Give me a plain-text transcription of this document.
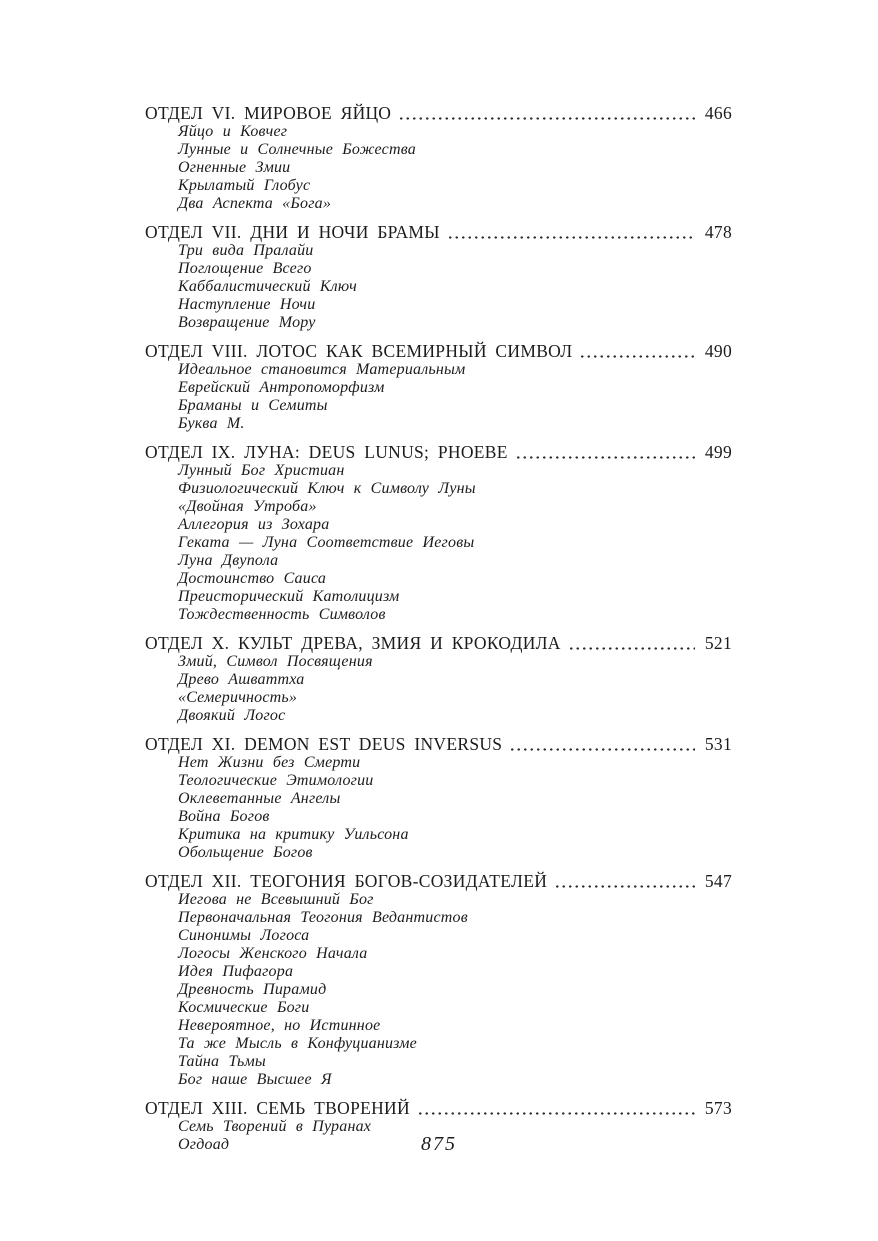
ОТДЕЛ VI. МИРОВОЕ ЯЙЦО	466
Яйцо и Ковчег
Лунные и Солнечные Божества
Огненные Змии
Крылатый Глобус
Два Аспекта «Бога»
ОТДЕЛ VII. ДНИ И НОЧИ БРАМЫ	478
Три вида Пралайи
Поглощение Всего
Каббалистический Ключ
Наступление Ночи
Возвращение Мору
ОТДЕЛ VIII. ЛОТОС КАК ВСЕМИРНЫЙ СИМВОЛ	490
Идеальное становится Материальным
Еврейский Антропоморфизм
Браманы и Семиты
Буква М.
ОТДЕЛ IX. ЛУНА: DEUS LUNUS; PHOEBE	499
Лунный Бог Христиан
Физиологический Ключ к Символу Луны
«Двойная Утроба»
Аллегория из Зохара
Геката — Луна Соответствие Иеговы
Луна Двупола
Достоинство Саиса
Преисторический Католицизм
Тождественность Символов
ОТДЕЛ X. КУЛЬТ ДРЕВА, ЗМИЯ И КРОКОДИЛА	521
Змий, Символ Посвящения
Древо Ашваттха
«Семеричность»
Двоякий Логос
ОТДЕЛ XI. DEMON EST DEUS INVERSUS	531
Нет Жизни без Смерти
Теологические Этимологии
Оклеветанные Ангелы
Война Богов
Критика на критику Уильсона
Обольщение Богов
ОТДЕЛ XII. ТЕОГОНИЯ БОГОВ-СОЗИДАТЕЛЕЙ	547
Иегова не Всевышний Бог
Первоначальная Теогония Ведантистов
Синонимы Логоса
Логосы Женского Начала
Идея Пифагора
Древность Пирамид
Космические Боги
Невероятное, но Истинное
Та же Мысль в Конфуцианизме
Тайна Тьмы
Бог наше Высшее Я
ОТДЕЛ XIII. СЕМЬ ТВОРЕНИЙ	573
Семь Творений в Пуранах
Огдоад	875
